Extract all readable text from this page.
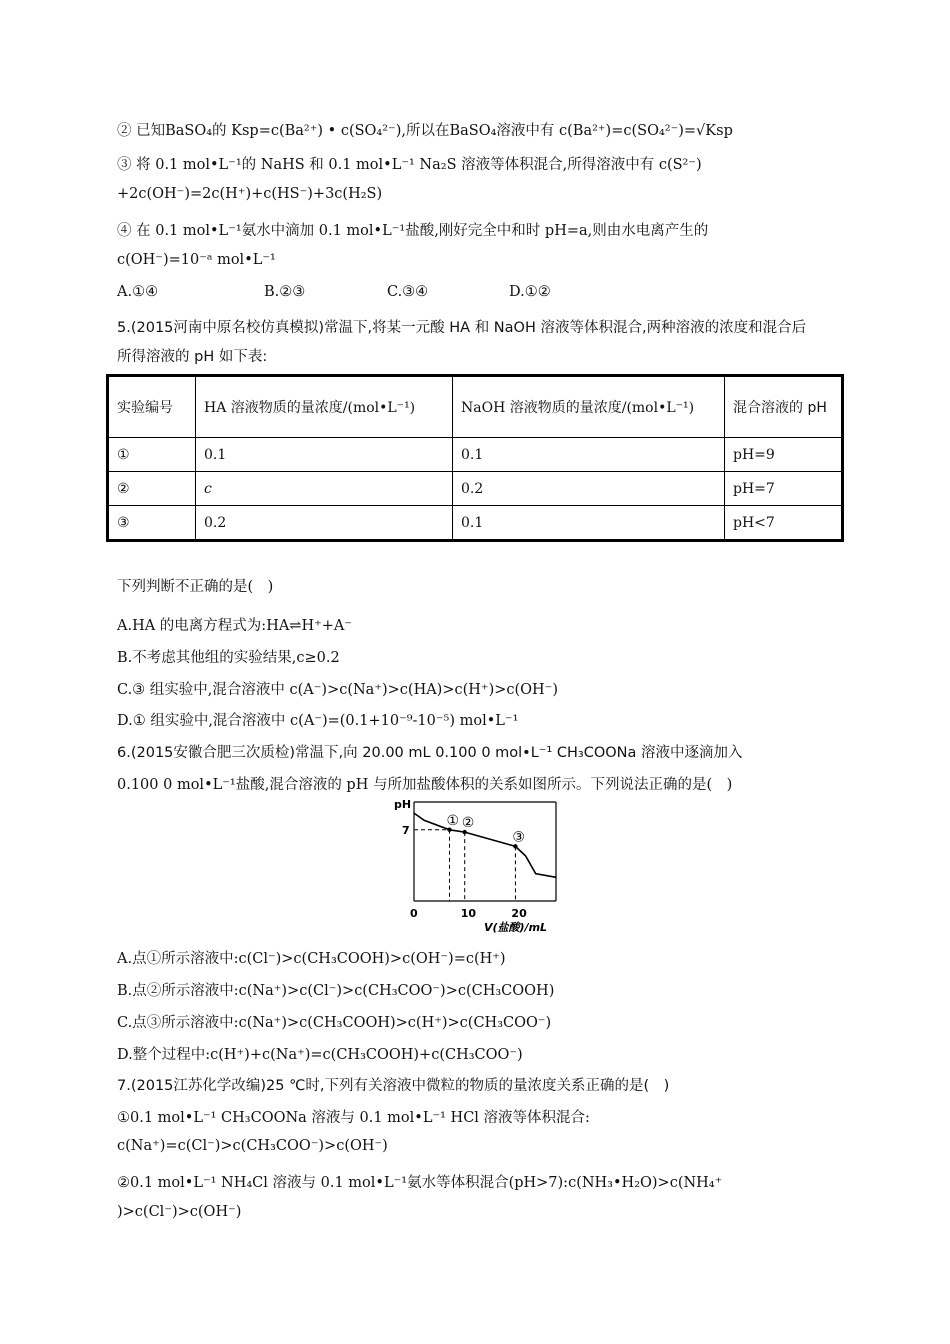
② 已知BaSO₄的 Ksp=c(Ba²⁺) • c(SO₄²⁻),所以在BaSO₄溶液中有 c(Ba²⁺)=c(SO₄²⁻)=√Ksp
③ 将 0.1 mol•L⁻¹的 NaHS 和 0.1 mol•L⁻¹ Na₂S 溶液等体积混合,所得溶液中有 c(S²⁻)
+2c(OH⁻)=2c(H⁺)+c(HS⁻)+3c(H₂S)
④ 在 0.1 mol•L⁻¹氨水中滴加 0.1 mol•L⁻¹盐酸,刚好完全中和时 pH=a,则由水电离产生的
c(OH⁻)=10⁻ᵃ mol•L⁻¹
A.①④	B.②③	C.③④	D.①②
5.(2015河南中原名校仿真模拟)常温下,将某一元酸 HA 和 NaOH 溶液等体积混合,两种溶液的浓度和混合后
所得溶液的 pH 如下表:
实验编号	HA 溶液物质的量浓度/(mol•L⁻¹)	NaOH 溶液物质的量浓度/(mol•L⁻¹)	混合溶液的 pH
①	0.1	0.1	pH=9
②	c	0.2	pH=7
③	0.2	0.1	pH<7
下列判断不正确的是(　)
A.HA 的电离方程式为:HA⇌H⁺+A⁻
B.不考虑其他组的实验结果,c≥0.2
C.③ 组实验中,混合溶液中 c(A⁻)>c(Na⁺)>c(HA)>c(H⁺)>c(OH⁻)
D.① 组实验中,混合溶液中 c(A⁻)=(0.1+10⁻⁹-10⁻⁵) mol•L⁻¹
6.(2015安徽合肥三次质检)常温下,向 20.00 mL 0.100 0 mol•L⁻¹ CH₃COONa 溶液中逐滴加入
0.100 0 mol•L⁻¹盐酸,混合溶液的 pH 与所加盐酸体积的关系如图所示。下列说法正确的是(　)
pH
V(盐酸)/mL
0	10	20
7
① ②
③
A.点①所示溶液中:c(Cl⁻)>c(CH₃COOH)>c(OH⁻)=c(H⁺)
B.点②所示溶液中:c(Na⁺)>c(Cl⁻)>c(CH₃COO⁻)>c(CH₃COOH)
C.点③所示溶液中:c(Na⁺)>c(CH₃COOH)>c(H⁺)>c(CH₃COO⁻)
D.整个过程中:c(H⁺)+c(Na⁺)=c(CH₃COOH)+c(CH₃COO⁻)
7.(2015江苏化学改编)25 ℃时,下列有关溶液中微粒的物质的量浓度关系正确的是(　)
①0.1 mol•L⁻¹ CH₃COONa 溶液与 0.1 mol•L⁻¹ HCl 溶液等体积混合:
c(Na⁺)=c(Cl⁻)>c(CH₃COO⁻)>c(OH⁻)
②0.1 mol•L⁻¹ NH₄Cl 溶液与 0.1 mol•L⁻¹氨水等体积混合(pH>7):c(NH₃•H₂O)>c(NH₄⁺
)>c(Cl⁻)>c(OH⁻)
